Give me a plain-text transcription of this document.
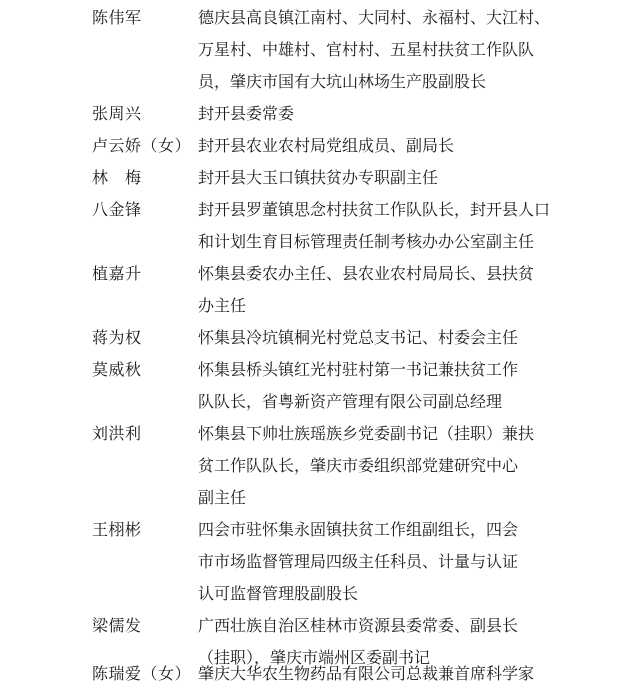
陈伟军	德庆县高良镇江南村、大同村、永福村、大江村、
万星村、中雄村、官村村、五星村扶贫工作队队
员，肇庆市国有大坑山林场生产股副股长
张周兴	封开县委常委
卢云娇（女） 封开县农业农村局党组成员、副局长
林　梅	封开县大玉口镇扶贫办专职副主任
八金锋	封开县罗董镇思念村扶贫工作队队长，封开县人口
和计划生育目标管理责任制考核办办公室副主任
植嘉升	怀集县委农办主任、县农业农村局局长、县扶贫
办主任
蒋为权	怀集县冷坑镇桐光村党总支书记、村委会主任
莫威秋	怀集县桥头镇红光村驻村第一书记兼扶贫工作
队队长，省粤新资产管理有限公司副总经理
刘洪利	怀集县下帅壮族瑶族乡党委副书记（挂职）兼扶
贫工作队队长，肇庆市委组织部党建研究中心
副主任
王栩彬	四会市驻怀集永固镇扶贫工作组副组长，四会
市市场监督管理局四级主任科员、计量与认证
认可监督管理股副股长
梁儒发	广西壮族自治区桂林市资源县委常委、副县长
（挂职），肇庆市端州区委副书记
陈瑞爱（女） 肇庆大华农生物药品有限公司总裁兼首席科学家
